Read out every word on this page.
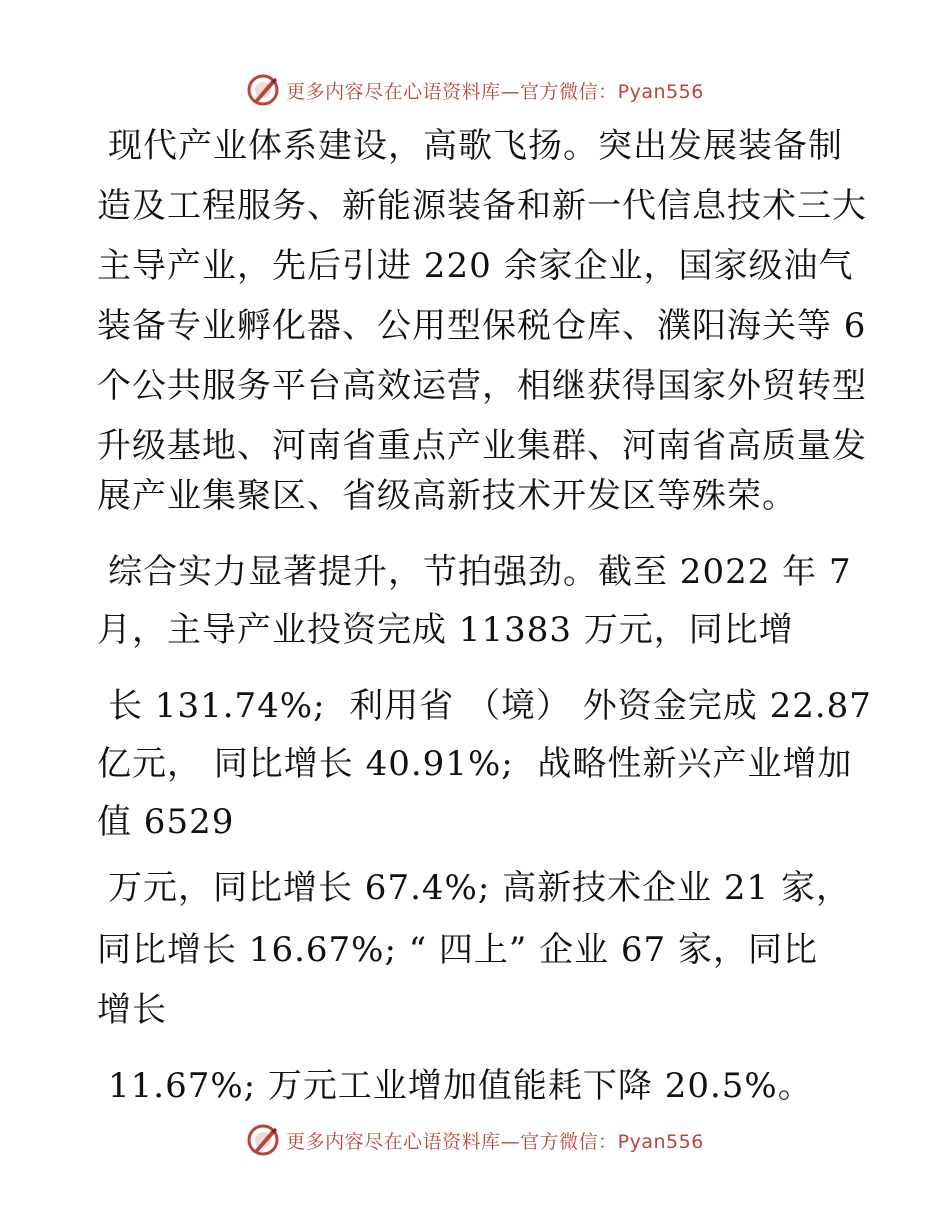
更多内容尽在心语资料库—官方微信：Pyan556
现代产业体系建设，高歌飞扬。突出发展装备制
造及工程服务、新能源装备和新一代信息技术三大
主导产业，先后引进 220 余家企业，国家级油气
装备专业孵化器、公用型保税仓库、濮阳海关等 6
个公共服务平台高效运营，相继获得国家外贸转型
升级基地、河南省重点产业集群、河南省高质量发
展产业集聚区、省级高新技术开发区等殊荣。
综合实力显著提升，节拍强劲。截至 2022 年 7
月，主导产业投资完成 11383 万元，同比增
长 131.74%;  利用省 （境） 外资金完成 22.87
亿元， 同比增长 40.91%;  战略性新兴产业增加
值 6529
万元，同比增长 67.4%; 高新技术企业 21 家，
同比增长 16.67%; “ 四上” 企业 67 家，同比
增长
11.67%; 万元工业增加值能耗下降 20.5%。
更多内容尽在心语资料库—官方微信：Pyan556
